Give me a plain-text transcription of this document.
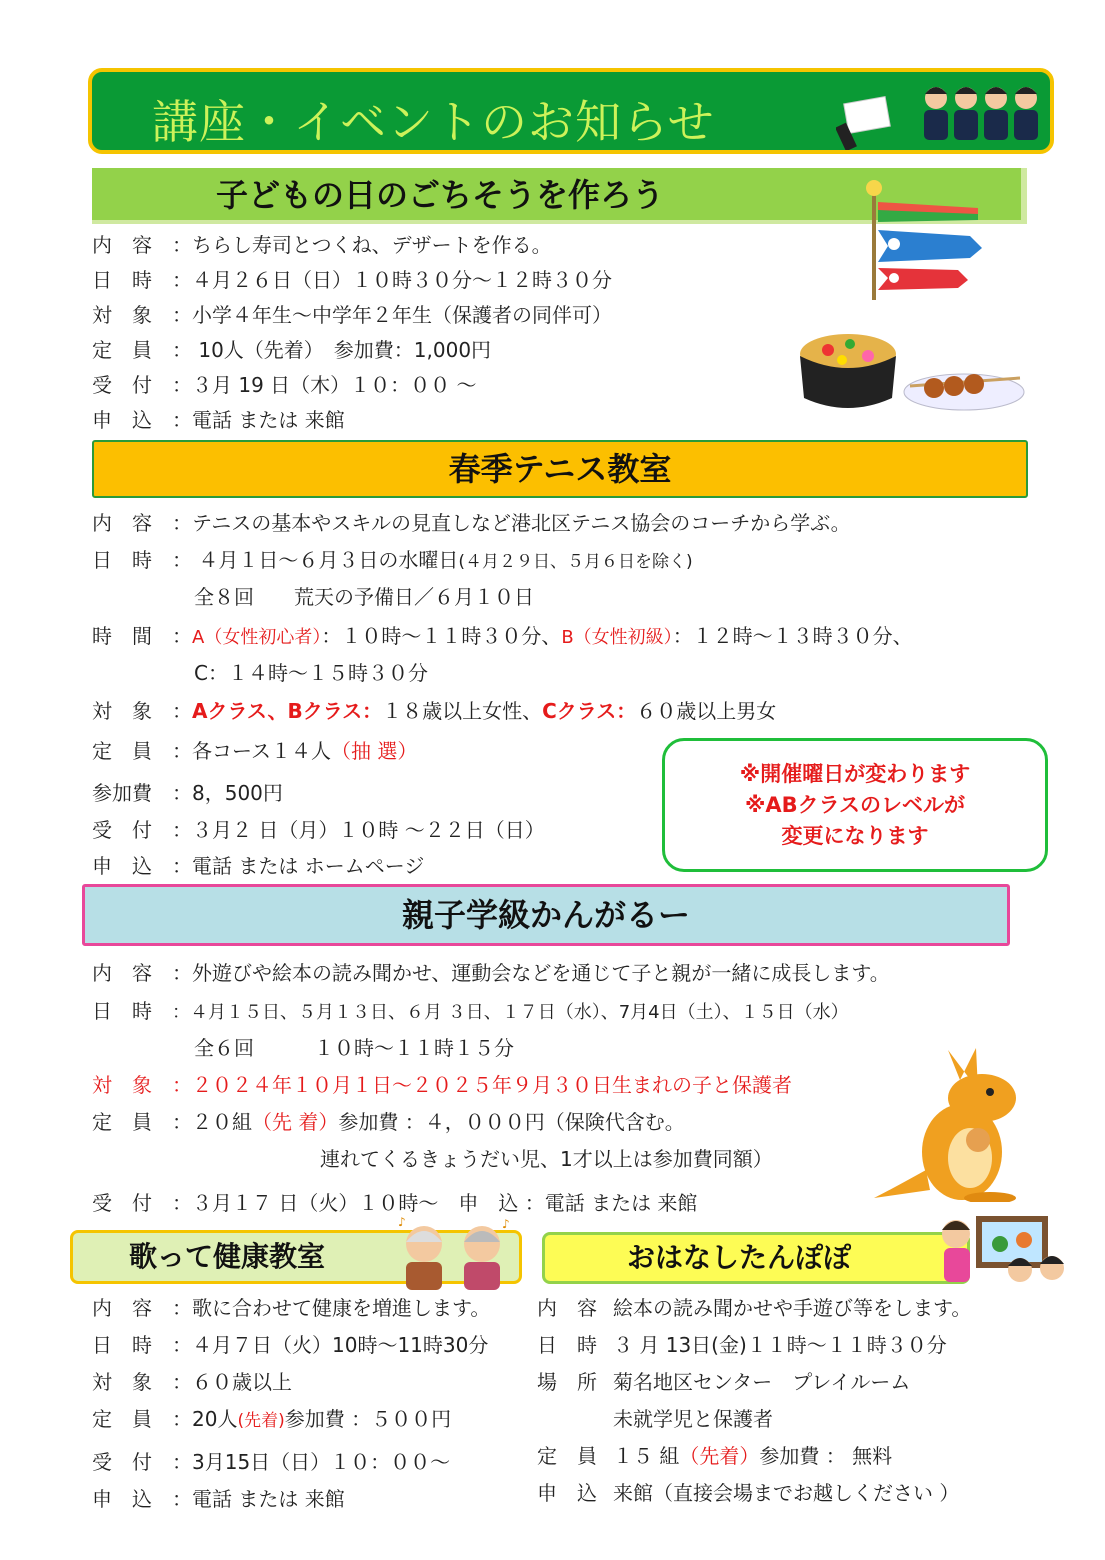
講座・イベントのお知らせ
子どもの日のごちそうを作ろう
内　容 ：ちらし寿司とつくね、デザートを作る。
日　時 ：４月２６日（日）１０時３０分～１２時３０分
対　象 ：小学４年生～中学年２年生（保護者の同伴可）
定　員 ： 10人（先着）　参加費：1,000円
受　付 ：３月 19 日（木）１０：００ ～
申　込 ：電話 または 来館
春季テニス教室
内　容 ：テニスの基本やスキルの見直しなど港北区テニス協会のコーチから学ぶ。
日　時 ： ４月１日～６月３日の水曜日(４月２９日、５月６日を除く)
全８回　　荒天の予備日／６月１０日
時　間 ：A（女性初心者）：１０時～１１時３０分、B（女性初級）：１２時～１３時３０分、
C：１４時～１５時３０分
対　象 ：Aクラス、Bクラス：１８歳以上女性、Cクラス：６０歳以上男女
定　員 ：各コース１４人（抽 選）
参加費 ：8，500円
受　付 ：３月２ 日（月）１０時 ～２２日（日）
申　込 ：電話 または ホームページ
※開催曜日が変わります
※ABクラスのレベルが
変更になります
親子学級かんがるー
内　容 ：外遊びや絵本の読み聞かせ、運動会などを通じて子と親が一緒に成長します。
日　時 ：４月１５日、５月１３日、６月 ３日、１７日（水）、7月4日（土）、１５日（水）
全６回　　　１０時～１１時１５分
対　象　：２０２４年１０月１日～２０２５年９月３０日生まれの子と保護者
定　員 ：２０組（先 着）参加費 ：４，０００円（保険代含む。
連れてくるきょうだい児、1才以上は参加費同額）
受　付 ：３月１７ 日（火）１０時～　申　込 ：電話 または 来館
歌って健康教室
♪	♪
内　容 ：歌に合わせて健康を増進します。
日　時 ：４月７日（火）10時～11時30分
対　象 ：６０歳以上
定　員 ：20人(先着)参加費 ：５００円
受　付 ：3月15日（日）１０：００～
申　込 ：電話 または 来館
おはなしたんぽぽ
内　容 絵本の読み聞かせや手遊び等をします。
日　時 ３ 月 13日(金)１１時～１１時３０分
場　所 菊名地区センター　プレイルーム
未就学児と保護者
定　員 １５ 組（先着）参加費 ： 無料
申　込 来館（直接会場までお越しください ）
